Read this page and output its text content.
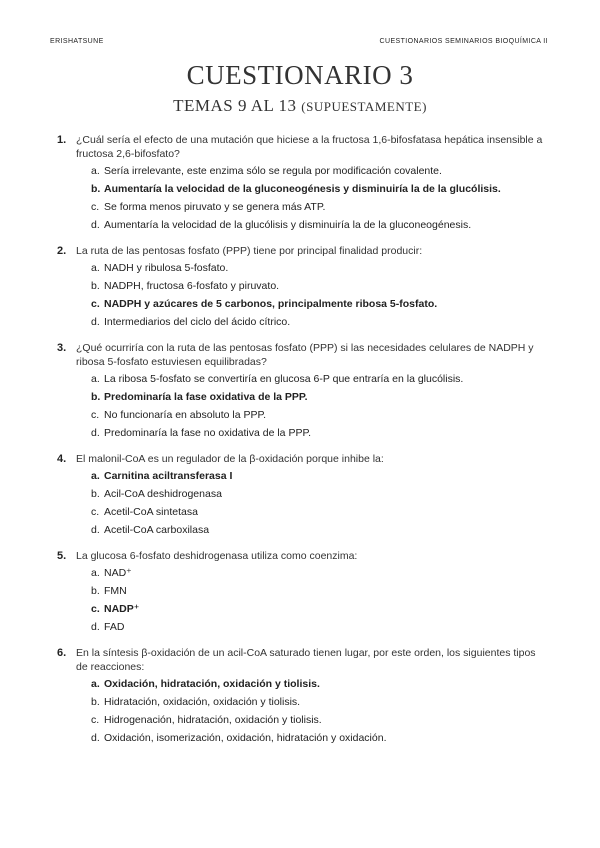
ERISHATSUNE	CUESTIONARIOS SEMINARIOS BIOQUÍMICA II
CUESTIONARIO 3
TEMAS 9 AL 13 (SUPUESTAMENTE)
1. ¿Cuál sería el efecto de una mutación que hiciese a la fructosa 1,6-bifosfatasa hepática insensible a fructosa 2,6-bifosfato?
a. Sería irrelevante, este enzima sólo se regula por modificación covalente.
b. Aumentaría la velocidad de la gluconeogénesis y disminuiría la de la glucólisis.
c. Se forma menos piruvato y se genera más ATP.
d. Aumentaría la velocidad de la glucólisis y disminuiría la de la gluconeogénesis.
2. La ruta de las pentosas fosfato (PPP) tiene por principal finalidad producir:
a. NADH y ribulosa 5-fosfato.
b. NADPH, fructosa 6-fosfato y piruvato.
c. NADPH y azúcares de 5 carbonos, principalmente ribosa 5-fosfato.
d. Intermediarios del ciclo del ácido cítrico.
3. ¿Qué ocurriría con la ruta de las pentosas fosfato (PPP) si las necesidades celulares de NADPH y ribosa 5-fosfato estuviesen equilibradas?
a. La ribosa 5-fosfato se convertiría en glucosa 6-P que entraría en la glucólisis.
b. Predominaría la fase oxidativa de la PPP.
c. No funcionaría en absoluto la PPP.
d. Predominaría la fase no oxidativa de la PPP.
4. El malonil-CoA es un regulador de la β-oxidación porque inhibe la:
a. Carnitina aciltransferasa I
b. Acil-CoA deshidrogenasa
c. Acetil-CoA sintetasa
d. Acetil-CoA carboxilasa
5. La glucosa 6-fosfato deshidrogenasa utiliza como coenzima:
a. NAD⁺
b. FMN
c. NADP⁺
d. FAD
6. En la síntesis β-oxidación de un acil-CoA saturado tienen lugar, por este orden, los siguientes tipos de reacciones:
a. Oxidación, hidratación, oxidación y tiolisis.
b. Hidratación, oxidación, oxidación y tiolisis.
c. Hidrogenación, hidratación, oxidación y tiolisis.
d. Oxidación, isomerización, oxidación, hidratación y oxidación.
